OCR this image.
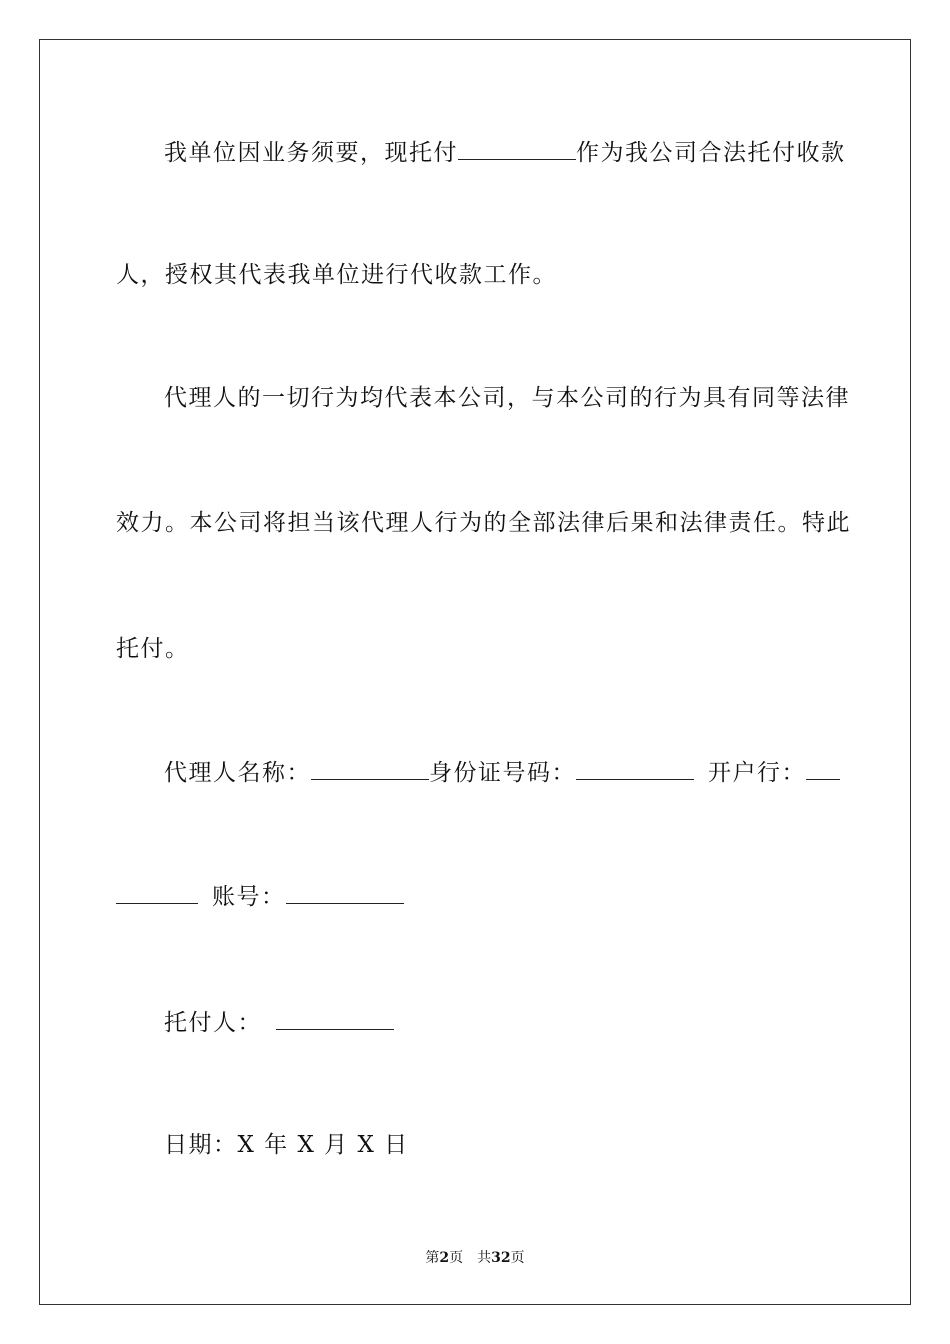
我单位因业务须要，现托付	作为我公司合法托付收款
人，授权其代表我单位进行代收款工作。
代理人的一切行为均代表本公司，与本公司的行为具有同等法律
效力。本公司将担当该代理人行为的全部法律后果和法律责任。特此
托付。
代理人名称：	身份证号码：	开户行：
账号：
托付人：
日期：X 年 X 月 X 日
第2页　共32页
